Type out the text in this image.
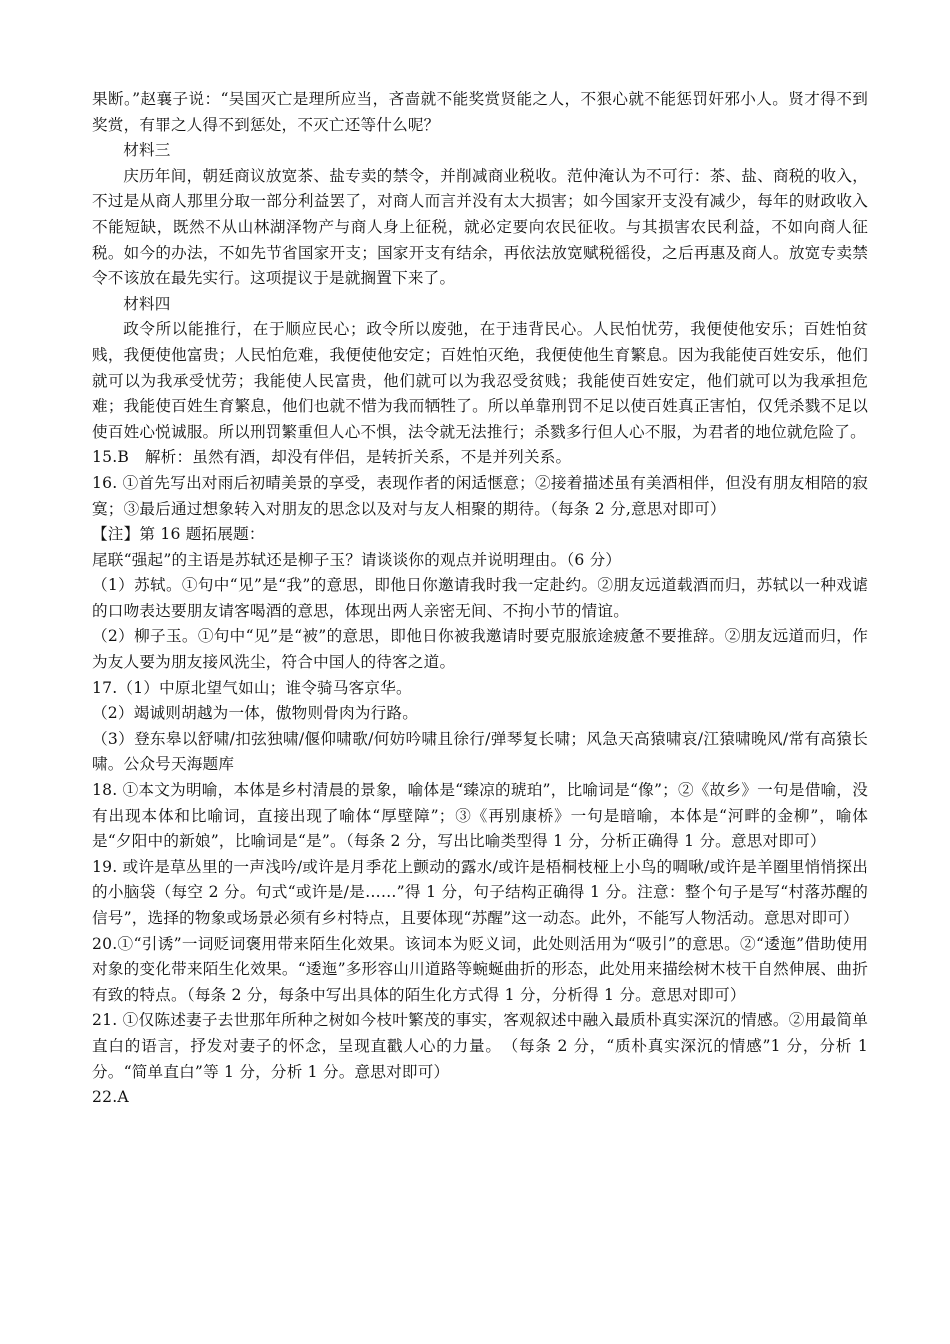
果断。”赵襄子说：“吴国灭亡是理所应当，吝啬就不能奖赏贤能之人，不狠心就不能惩罚奸邪小人。贤才得不到奖赏，有罪之人得不到惩处，不灭亡还等什么呢？

材料三

庆历年间，朝廷商议放宽茶、盐专卖的禁令，并削减商业税收。范仲淹认为不可行：茶、盐、商税的收入，不过是从商人那里分取一部分利益罢了，对商人而言并没有太大损害；如今国家开支没有减少，每年的财政收入不能短缺，既然不从山林湖泽物产与商人身上征税，就必定要向农民征收。与其损害农民利益，不如向商人征税。如今的办法，不如先节省国家开支；国家开支有结余，再依法放宽赋税徭役，之后再惠及商人。放宽专卖禁令不该放在最先实行。这项提议于是就搁置下来了。

材料四

政令所以能推行，在于顺应民心；政令所以废弛，在于违背民心。人民怕忧劳，我便使他安乐；百姓怕贫贱，我便使他富贵；人民怕危难，我便使他安定；百姓怕灭绝，我便使他生育繁息。因为我能使百姓安乐，他们就可以为我承受忧劳；我能使人民富贵，他们就可以为我忍受贫贱；我能使百姓安定，他们就可以为我承担危难；我能使百姓生育繁息，他们也就不惜为我而牺牲了。所以单靠刑罚不足以使百姓真正害怕，仅凭杀戮不足以使百姓心悦诚服。所以刑罚繁重但人心不惧，法令就无法推行；杀戮多行但人心不服，为君者的地位就危险了。

15.B　解析：虽然有酒，却没有伴侣，是转折关系，不是并列关系。

16. ①首先写出对雨后初晴美景的享受，表现作者的闲适惬意；②接着描述虽有美酒相伴，但没有朋友相陪的寂寞；③最后通过想象转入对朋友的思念以及对与友人相聚的期待。（每条 2 分,意思对即可）

【注】第 16 题拓展题：

尾联“强起”的主语是苏轼还是柳子玉？请谈谈你的观点并说明理由。（6 分）

（1）苏轼。①句中“见”是“我”的意思，即他日你邀请我时我一定赴约。②朋友远道载酒而归，苏轼以一种戏谑的口吻表达要朋友请客喝酒的意思，体现出两人亲密无间、不拘小节的情谊。

（2）柳子玉。①句中“见”是“被”的意思，即他日你被我邀请时要克服旅途疲惫不要推辞。②朋友远道而归，作为友人要为朋友接风洗尘，符合中国人的待客之道。

17.（1）中原北望气如山；谁令骑马客京华。

（2）竭诚则胡越为一体，傲物则骨肉为行路。

（3）登东皋以舒啸/扣弦独啸/偃仰啸歌/何妨吟啸且徐行/弹琴复长啸；风急天高猿啸哀/江猿啸晚风/常有高猿长啸。公众号天海题库

18. ①本文为明喻，本体是乡村清晨的景象，喻体是“臻凉的琥珀”，比喻词是“像”；②《故乡》一句是借喻，没有出现本体和比喻词，直接出现了喻体“厚壁障”；③《再别康桥》一句是暗喻，本体是“河畔的金柳”，喻体是“夕阳中的新娘”，比喻词是“是”。（每条 2 分，写出比喻类型得 1 分，分析正确得 1 分。意思对即可）

19. 或许是草丛里的一声浅吟/或许是月季花上颤动的露水/或许是梧桐枝桠上小鸟的啁啾/或许是羊圈里悄悄探出的小脑袋（每空 2 分。句式“或许是/是……”得 1 分，句子结构正确得 1 分。注意：整个句子是写“村落苏醒的信号”，选择的物象或场景必须有乡村特点，且要体现“苏醒”这一动态。此外，不能写人物活动。意思对即可）

20.①“引诱”一词贬词褒用带来陌生化效果。该词本为贬义词，此处则活用为“吸引”的意思。②“逶迤”借助使用对象的变化带来陌生化效果。“逶迤”多形容山川道路等蜿蜒曲折的形态，此处用来描绘树木枝干自然伸展、曲折有致的特点。（每条 2 分，每条中写出具体的陌生化方式得 1 分，分析得 1 分。意思对即可）

21. ①仅陈述妻子去世那年所种之树如今枝叶繁茂的事实，客观叙述中融入最质朴真实深沉的情感。②用最简单直白的语言，抒发对妻子的怀念，呈现直戳人心的力量。　（每条 2 分，“质朴真实深沉的情感”1 分，分析 1 分。“简单直白”等 1 分，分析 1 分。意思对即可）

22.A
